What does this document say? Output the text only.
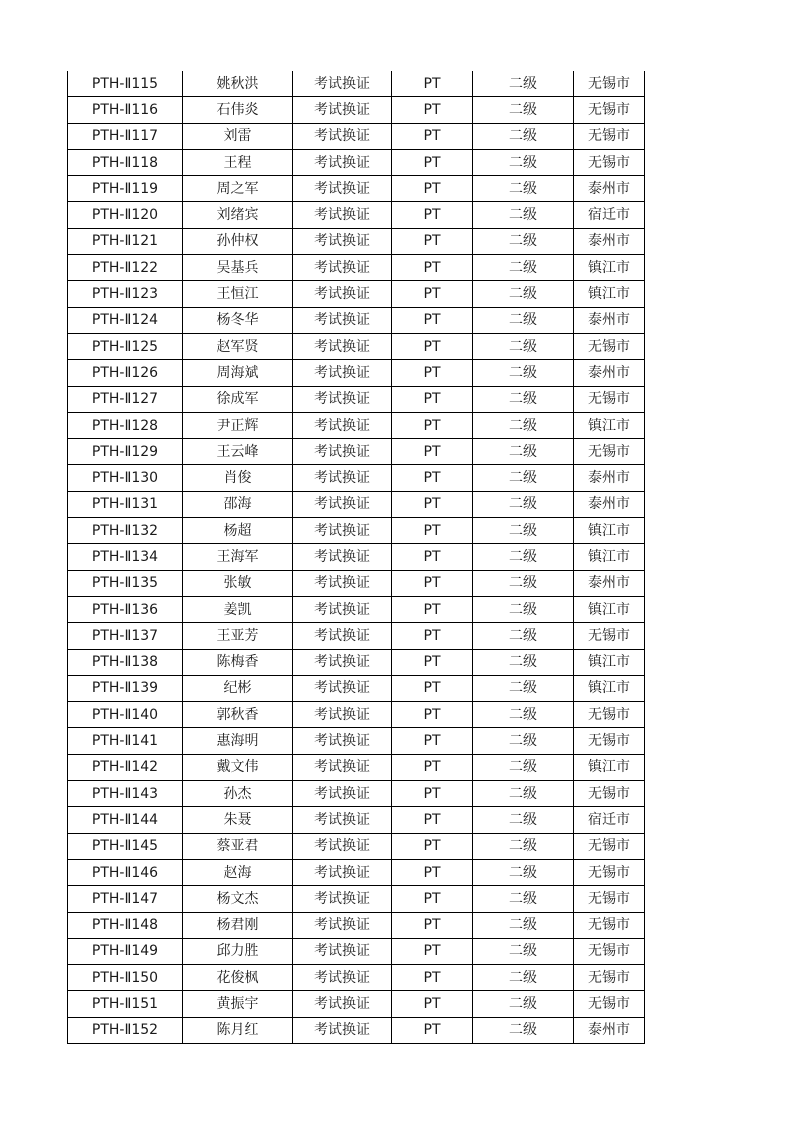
PTH-Ⅱ115	姚秋洪	考试换证	PT	二级	无锡市
PTH-Ⅱ116	石伟炎	考试换证	PT	二级	无锡市
PTH-Ⅱ117	刘雷	考试换证	PT	二级	无锡市
PTH-Ⅱ118	王程	考试换证	PT	二级	无锡市
PTH-Ⅱ119	周之军	考试换证	PT	二级	泰州市
PTH-Ⅱ120	刘绪宾	考试换证	PT	二级	宿迁市
PTH-Ⅱ121	孙仲权	考试换证	PT	二级	泰州市
PTH-Ⅱ122	吴基兵	考试换证	PT	二级	镇江市
PTH-Ⅱ123	王恒江	考试换证	PT	二级	镇江市
PTH-Ⅱ124	杨冬华	考试换证	PT	二级	泰州市
PTH-Ⅱ125	赵军贤	考试换证	PT	二级	无锡市
PTH-Ⅱ126	周海斌	考试换证	PT	二级	泰州市
PTH-Ⅱ127	徐成军	考试换证	PT	二级	无锡市
PTH-Ⅱ128	尹正辉	考试换证	PT	二级	镇江市
PTH-Ⅱ129	王云峰	考试换证	PT	二级	无锡市
PTH-Ⅱ130	肖俊	考试换证	PT	二级	泰州市
PTH-Ⅱ131	邵海	考试换证	PT	二级	泰州市
PTH-Ⅱ132	杨超	考试换证	PT	二级	镇江市
PTH-Ⅱ134	王海军	考试换证	PT	二级	镇江市
PTH-Ⅱ135	张敏	考试换证	PT	二级	泰州市
PTH-Ⅱ136	姜凯	考试换证	PT	二级	镇江市
PTH-Ⅱ137	王亚芳	考试换证	PT	二级	无锡市
PTH-Ⅱ138	陈梅香	考试换证	PT	二级	镇江市
PTH-Ⅱ139	纪彬	考试换证	PT	二级	镇江市
PTH-Ⅱ140	郭秋香	考试换证	PT	二级	无锡市
PTH-Ⅱ141	惠海明	考试换证	PT	二级	无锡市
PTH-Ⅱ142	戴文伟	考试换证	PT	二级	镇江市
PTH-Ⅱ143	孙杰	考试换证	PT	二级	无锡市
PTH-Ⅱ144	朱聂	考试换证	PT	二级	宿迁市
PTH-Ⅱ145	蔡亚君	考试换证	PT	二级	无锡市
PTH-Ⅱ146	赵海	考试换证	PT	二级	无锡市
PTH-Ⅱ147	杨文杰	考试换证	PT	二级	无锡市
PTH-Ⅱ148	杨君刚	考试换证	PT	二级	无锡市
PTH-Ⅱ149	邱力胜	考试换证	PT	二级	无锡市
PTH-Ⅱ150	花俊枫	考试换证	PT	二级	无锡市
PTH-Ⅱ151	黄振宇	考试换证	PT	二级	无锡市
PTH-Ⅱ152	陈月红	考试换证	PT	二级	泰州市
